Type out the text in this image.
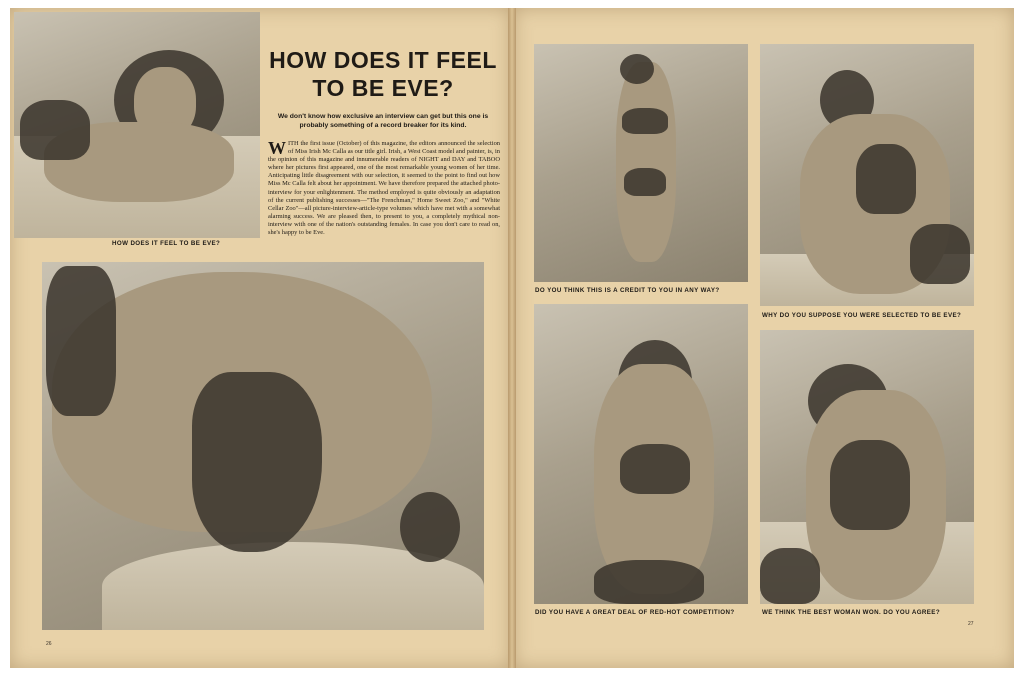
HOW DOES IT FEEL TO BE EVE?
HOW DOES IT FEEL TO BE EVE?
We don't know how exclusive an interview can get but this one is probably something of a record breaker for its kind.
WITH the first issue (October) of this magazine, the editors announced the selection of Miss Irish Mc Calla as our title girl. Irish, a West Coast model and painter, is, in the opinion of this magazine and innumerable readers of NIGHT and DAY and TABOO where her pictures first appeared, one of the most remarkable young women of her time. Anticipating little disagreement with our selection, it seemed to the point to find out how Miss Mc Calla felt about her appointment. We have therefore prepared the attached photo-interview for your enlightenment. The method employed is quite obviously an adaptation of the current publishing successes—"The Frenchman," Home Sweet Zoo," and "White Cellar Zoo"—all picture-interview-article-type volumes which have met with a somewhat alarming success. We are pleased then, to present to you, a completely mythical non-interview with one of the nation's outstanding females. In case you don't care to read on, she's happy to be Eve.
26
DO YOU THINK THIS IS A CREDIT TO YOU IN ANY WAY?
WHY DO YOU SUPPOSE YOU WERE SELECTED TO BE EVE?
DID YOU HAVE A GREAT DEAL OF RED-HOT COMPETITION?	WE THINK THE BEST WOMAN WON. DO YOU AGREE?
27
